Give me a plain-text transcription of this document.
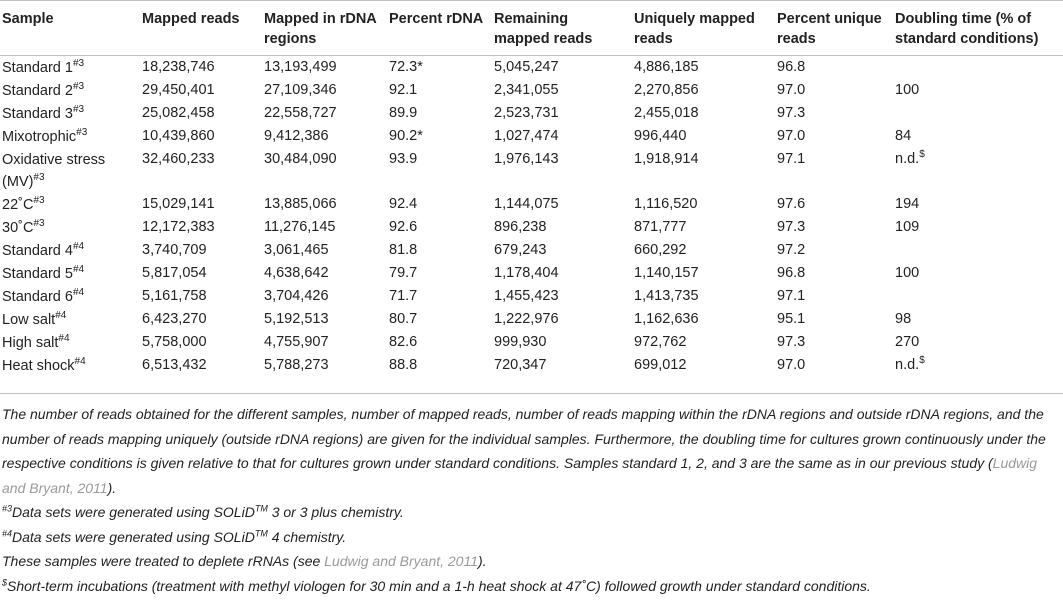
Sample	Mapped reads	Mapped in rDNA regions	Percent rDNA	Remaining mapped reads	Uniquely mapped reads	Percent unique reads	Doubling time (% of standard conditions)
Standard 1$^{\#3}$	18,238,746	13,193,499	72.3*	5,045,247	4,886,185	96.8	
Standard 2$^{\#3}$	29,450,401	27,109,346	92.1	2,341,055	2,270,856	97.0	100
Standard 3$^{\#3}$	25,082,458	22,558,727	89.9	2,523,731	2,455,018	97.3	
Mixotrophic$^{\#3}$	10,439,860	9,412,386	90.2*	1,027,474	996,440	97.0	84
Oxidative stress (MV)$^{\#3}$	32,460,233	30,484,090	93.9	1,976,143	1,918,914	97.1	n.d.$
$22˚C^{\#3}$	15,029,141	13,885,066	92.4	1,144,075	1,116,520	97.6	194
$30˚C^{\#3}$	12,172,383	11,276,145	92.6	896,238	871,777	97.3	109
Standard 4$^{\#4}$	3,740,709	3,061,465	81.8	679,243	660,292	97.2	
Standard 5$^{\#4}$	5,817,054	4,638,642	79.7	1,178,404	1,140,157	96.8	100
Standard 6$^{\#4}$	5,161,758	3,704,426	71.7	1,455,423	1,413,735	97.1	
Low salt$^{\#4}$	6,423,270	5,192,513	80.7	1,222,976	1,162,636	95.1	98
High salt$^{\#4}$	5,758,000	4,755,907	82.6	999,930	972,762	97.3	270
Heat shock$^{\#4}$	6,513,432	5,788,273	88.8	720,347	699,012	97.0	n.d.$

The number of reads obtained for the different samples, number of mapped reads, number of reads mapping within the rDNA regions and outside rDNA regions, and the number of reads mapping uniquely (outside rDNA regions) are given for the individual samples. Furthermore, the doubling time for cultures grown continuously under the respective conditions is given relative to that for cultures grown under standard conditions. Samples standard 1, 2, and 3 are the same as in our previous study (Ludwig and Bryant, 2011).

$^{\#3}$Data sets were generated using SOLiD™ 3 or 3 plus chemistry.

$^{\#4}$Data sets were generated using SOLiD™ 4 chemistry.

These samples were treated to deplete rRNAs (see Ludwig and Bryant, 2011).

$Short-term incubations (treatment with methyl viologen for 30 min and a 1-h heat shock at 47˚C) followed growth under standard conditions.
